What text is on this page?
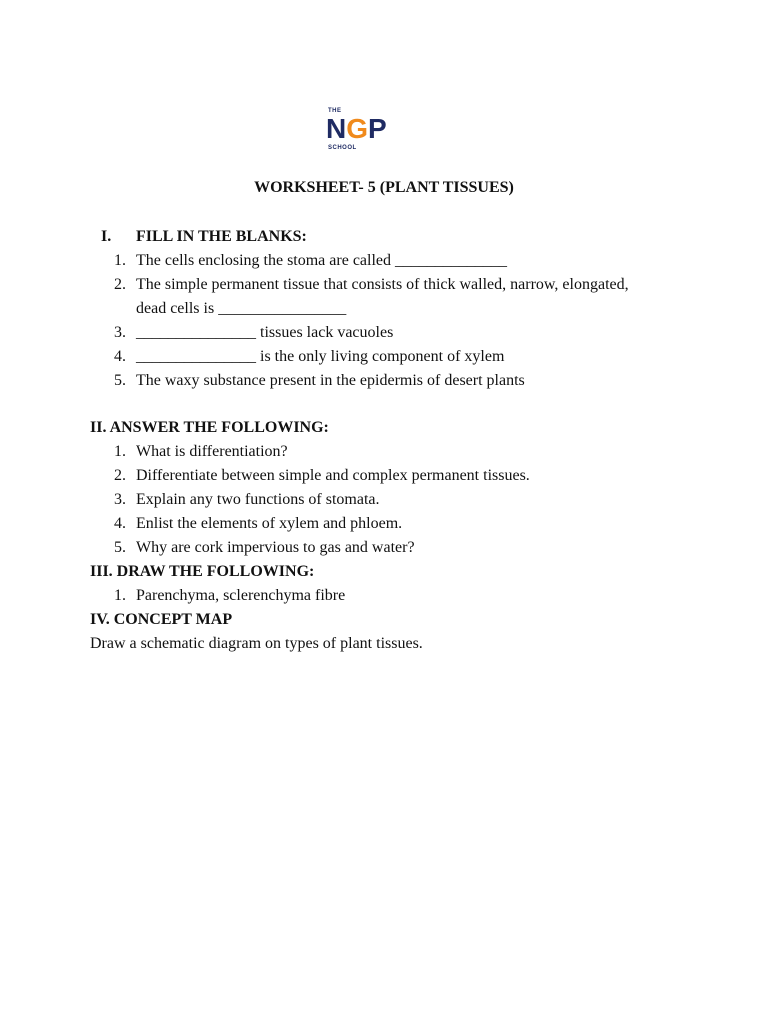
THE
N G P
SCHOOL
WORKSHEET- 5 (PLANT TISSUES)
I. FILL IN THE BLANKS:
1. The cells enclosing the stoma are called ______________
2. The simple permanent tissue that consists of thick walled, narrow, elongated,
dead cells is ________________
3. _______________ tissues lack vacuoles
4. _______________ is the only living component of xylem
5. The waxy substance present in the epidermis of desert plants
II. ANSWER THE FOLLOWING:
1. What is differentiation?
2. Differentiate between simple and complex permanent tissues.
3. Explain any two functions of stomata.
4. Enlist the elements of xylem and phloem.
5. Why are cork impervious to gas and water?
III. DRAW THE FOLLOWING:
1. Parenchyma, sclerenchyma fibre
IV. CONCEPT MAP
Draw a schematic diagram on types of plant tissues.
